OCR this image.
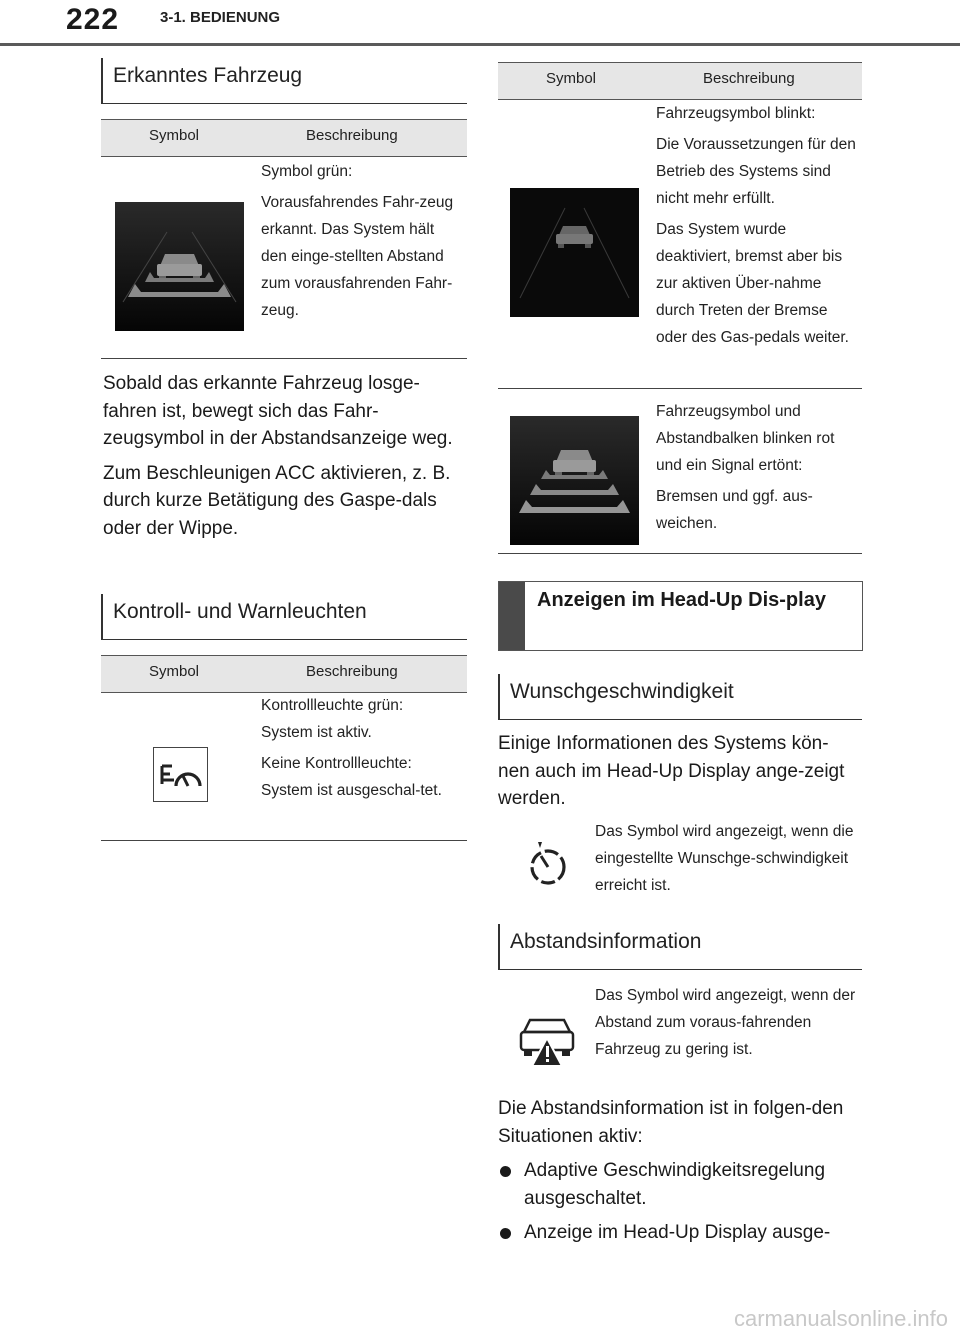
222	3-1. BEDIENUNG
Erkanntes Fahrzeug
Symbol	Beschreibung

Symbol grün:

Vorausfahrendes Fahr-zeug erkannt. Das System hält den einge-stellten Abstand zum vorausfahrenden Fahr-zeug.

Sobald das erkannte Fahrzeug losge-fahren ist, bewegt sich das Fahr-zeugsymbol in der Abstandsanzeige weg.

Zum Beschleunigen ACC aktivieren, z. B. durch kurze Betätigung des Gaspe-dals oder der Wippe.

Kontroll- und Warnleuchten
Symbol	Beschreibung

Kontrollleuchte grün:

System ist aktiv.

Keine Kontrollleuchte:

System ist ausgeschal-tet.

Symbol	Beschreibung

Fahrzeugsymbol blinkt:

Die Voraussetzungen für den Betrieb des Systems sind nicht mehr erfüllt.

Das System wurde deaktiviert, bremst aber bis zur aktiven Über-nahme durch Treten der Bremse oder des Gas-pedals weiter.

Fahrzeugsymbol und Abstandbalken blinken rot und ein Signal ertönt:

Bremsen und ggf. aus-weichen.

Anzeigen im Head-Up Dis-play
Wunschgeschwindigkeit

Einige Informationen des Systems kön-nen auch im Head-Up Display ange-zeigt werden.

Das Symbol wird angezeigt, wenn die eingestellte Wunschge-schwindigkeit erreicht ist.
Abstandsinformation
Das Symbol wird angezeigt, wenn der Abstand zum voraus-fahrenden Fahrzeug zu gering ist.

Die Abstandsinformation ist in folgen-den Situationen aktiv:

Adaptive Geschwindigkeitsregelung ausgeschaltet.

Anzeige im Head-Up Display ausge-

carmanualsonline.info
